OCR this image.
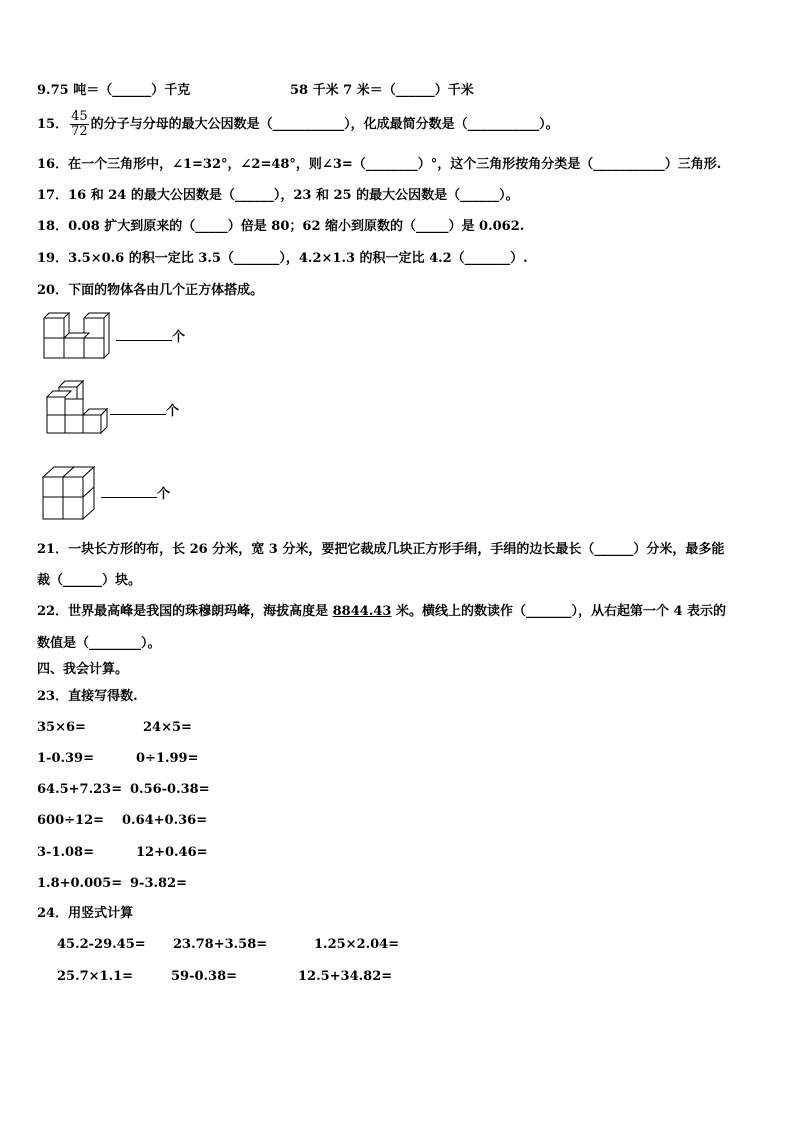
9.75 吨＝（______）千克	58 千米 7 米＝（______）千米
15． $\frac{45}{72}$ 的分子与分母的最大公因数是（___________），化成最简分数是（___________）。
16．在一个三角形中，∠1=32°，∠2=48°，则∠3=（________）°，这个三角形按角分类是（___________）三角形.
17．16 和 24 的最大公因数是（______），23 和 25 的最大公因数是（______）。
18．0.08 扩大到原来的（_____）倍是 80；62 缩小到原数的（_____）是 0.062.
19．3.5×0.6 的积一定比 3.5（_______），4.2×1.3 的积一定比 4.2（_______）.
20．下面的物体各由几个正方体搭成。
个
个
个
21．一块长方形的布，长 26 分米，宽 3 分米，要把它裁成几块正方形手绢，手绢的边长最长（______）分米，最多能
裁（______）块。
22．世界最高峰是我国的珠穆朗玛峰，海拔高度是 8844.43 米。横线上的数读作（_______），从右起第一个 4 表示的
数值是（________）。
四、我会计算。
23．直接写得数.
35×6=	24×5=
1-0.39=	0÷1.99=
64.5+7.23= 0.56-0.38=
600÷12= 0.64+0.36=
3-1.08=	12+0.46=
1.8+0.005= 9-3.82=
24．用竖式计算
45.2-29.45= 23.78+3.58=	1.25×2.04=
25.7×1.1=	59-0.38=	12.5+34.82=
